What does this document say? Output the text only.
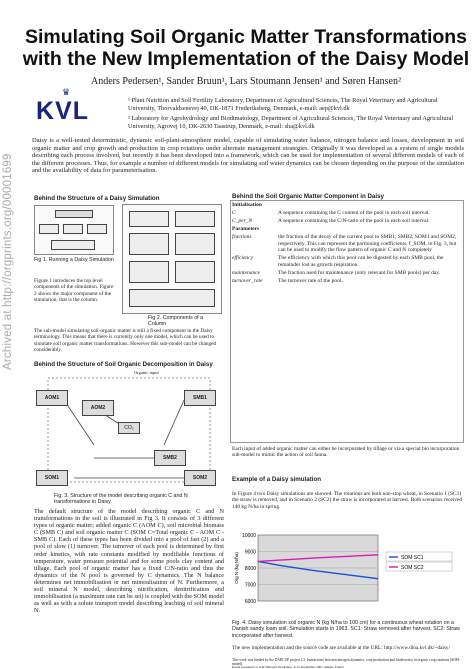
Archived at http://orgprints.org/00001699
Simulating Soil Organic Matter Transformations
with the New Implementation of the Daisy Model
Anders Pedersen¹, Sander Bruun¹, Lars Stoumann Jensen¹ and Søren Hansen²
♛
KVL	¹ Plant Nutrition and Soil Fertility Laboratory, Department of Agricultural Sciences, The Royal Veterinary and Agricultural University, Thorvaldsensvej 40, DK-1871 Frederiksberg, Denmark, e-mail: aep@kvl.dk
² Laboratory for Agrohydrology and Biodimatology, Department of Agricultural Sciences, The Royal Veterinary and Agricultural University, Agrovej 10, DK-2630 Taastrup, Denmark, e-mail: sha@kvl.dk
Daisy is a well-tested deterministic, dynamic soil-plant-atmosphere model, capable of simulating water balance, nitrogen balance and losses, development in soil organic matter and crop growth and production in crop rotations under alternate management strategies. Originally it was developed as a system of single models describing each process involved, but recently it has been developed into a framework, which can be used for implementation of several different models of each of the different processes. Thus, for example a number of different models for simulating soil water dynamics can be chosen depending on the purpose of the simulation and the availability of data for parameterisation.
Behind the Structure of a Daisy Simulation
Fig 1. Running a Daisy Simulation
Figure 1 introduces the top level components of the simulation. Figure 2 shows the major component of the simulation, that is the column.
Fig 2. Components of a Column
The sub-model simulating soil-organic matter is still a fixed component in the Daisy terminology. This means that there is currently only one model, which can be used to simulate soil organic matter transformations. However this sub-model can be changed considerably.
Behind the Structure of Soil Organic Decomposition in Daisy
AOM1
AOM2
SMB1
SMB2
SOM1	SOM2
CO₂
Organic input
Fig. 3. Structure of the model describing organic C and N transformations in Daisy.
The default structure of the model describing organic C and N transformations in the soil is illustrated in Fig 3. It consists of 3 different types of organic matter; added organic C (AOM C), soil microbial biomass C (SMB C) and soil organic matter C (SOM C=Total organic C - AOM C - SMB C). Each of these types has been divided into a pool of fast (2) and a pool of slow (1) turnover. The turnover of each pool is determined by first order kinetics, with rate constants modified by modifiable functions of temperature, water pressure potential and for some pools clay content and tillage. Each pool of organic matter has a fixed C/N-ratio and thus the dynamics of the N pool is governed by C dynamics. The N balance determines net immobilisation or net mineralisation of N. Furthermore, a soil mineral N model, describing nitrification, denitrification and immobilisation (a maximum rate can be set) is coupled with the SOM model as well as with a solute transport model describing leaching of soil mineral N.
Behind the Soil Organic Matter Component in Daisy
Initialisation	
C	A sequence containing the C content of the pool in each soil interval.
C_per_N	A sequence containing the C/N-ratio of the pool in each soil interval.
Parameters	
fractions	the fraction of the decay of the current pool to SMB1, SMB2, SOM1 and SOM2, respectively. This can represent the partioning coefficients, f_SOM, in Fig. 3, but can be used to modify the flow pattern of organic C and N completely
efficiency	The efficiency with which this pool can be digested by each SMB pool, the remainder lost as growth respiration.
maintenance	The fraction used for maintenance (only relevant for SMB pools) per day.
turnover_rate	The turnover rate of the pool.
Each input of added organic matter can either be incorporated by tillage or via a special bio incorporation sub-model to mimic the action of soil fauna.
Example of a Daisy simulation
In Figure 4 two Daisy simulations are showed. The rotations are both non-stop wheat, in Scenario 1 (SC1) the straw is removed, and in Scenario 2 (SC2) the straw is incorporated at harvest. Both scenarios received 140 kg N/ha in spring.
6000
7000
8000
9000
10000
Org N (kg N/ha)	SOM SC1
SOM SC2
Fig. 4. Daisy simulation soil organic N (kg N/ha to 100 cm) for a continuous wheat rotation on a Danish sandy loam soil. Simulation starts in 1963. SC1: Straw removed after harvest, SC2: Straw incorporated after harvest.
The new implementation and the source code are available at the URL: http://www.dina.kvl.dk/~daisy/
This work was funded by the DARCOF project I.3: Interactions between nitrogen dynamics, crop production and biodiversity in organic crop rotations (SOM-model).
Poster presented at 11th Nitrogen Workshop, 9-12 September 2001, Reims, France
